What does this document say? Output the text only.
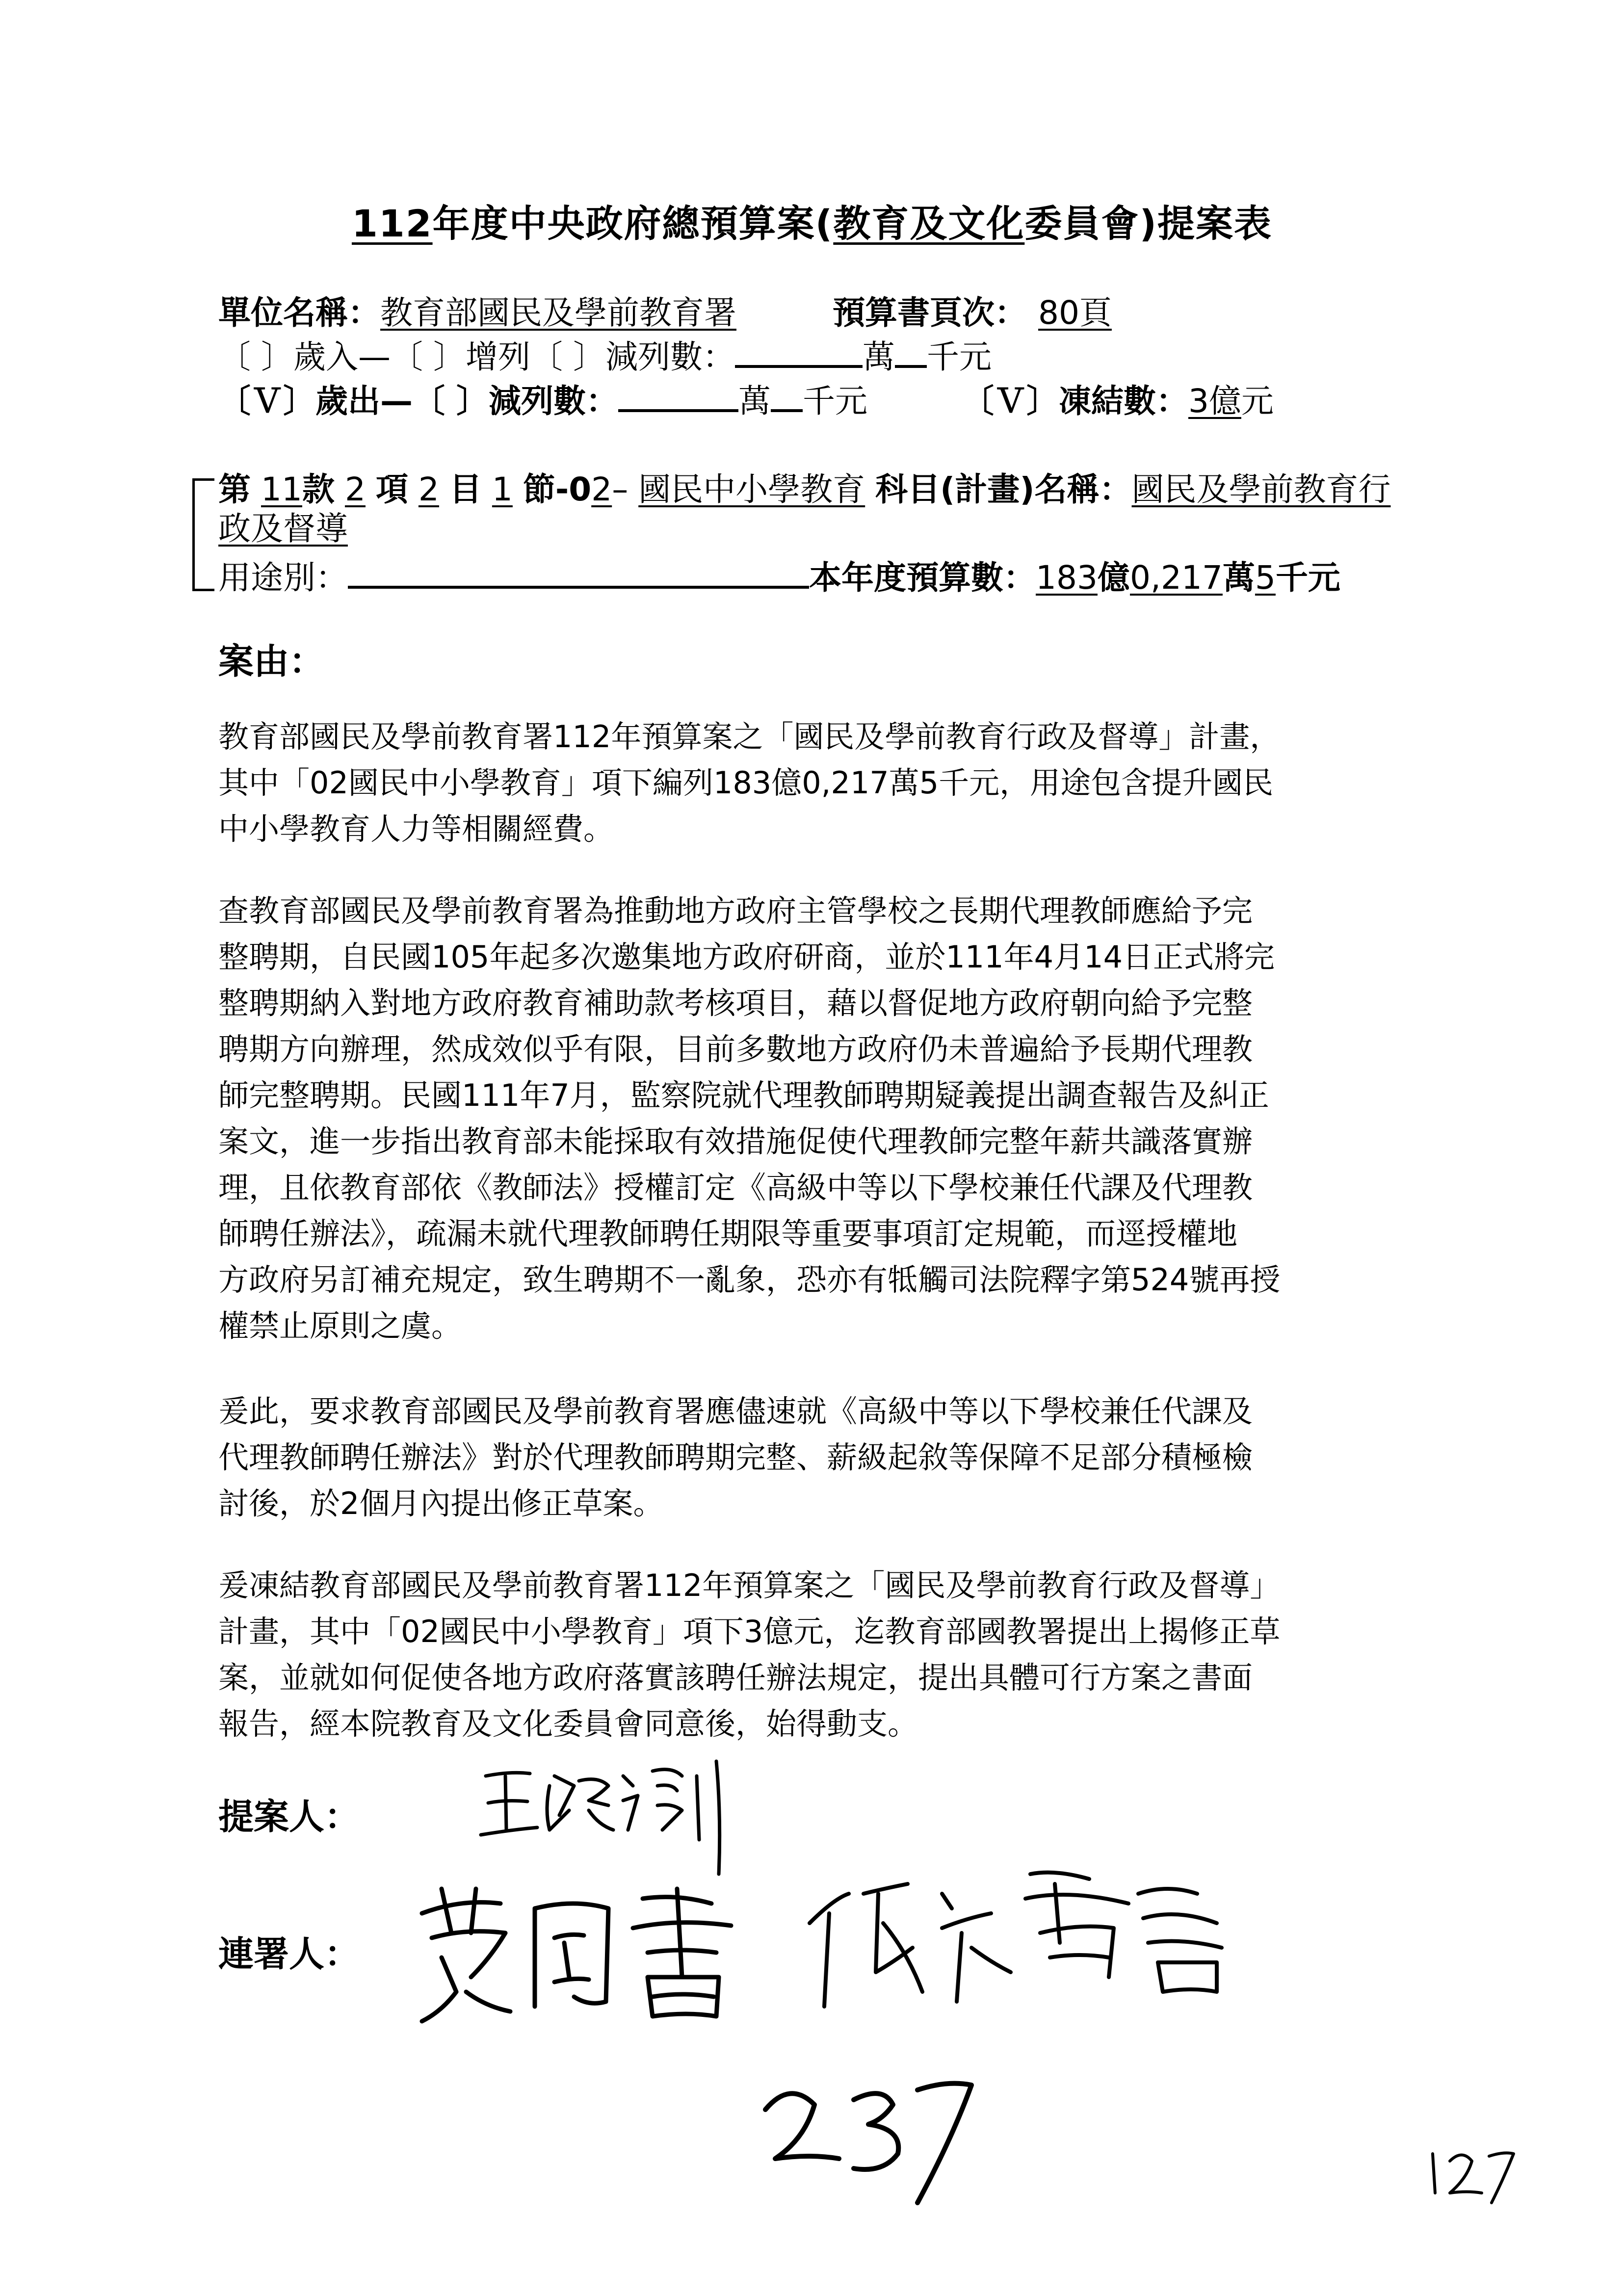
112年度中央政府總預算案(教育及文化委員會)提案表
單位名稱：教育部國民及學前教育署	預算書頁次： 80頁
〔 〕歲入—〔 〕增列〔 〕減列數：	萬 千元
〔Ｖ〕歲出—〔 〕減列數：	萬 千元	〔Ｖ〕凍結數：3億元
第 11款 2 項 2 目 1 節-02– 國民中小學教育 科目(計畫)名稱：國民及學前教育行
政及督導
用途別：	本年度預算數：183億0,217萬5千元
案由：
教育部國民及學前教育署112年預算案之「國民及學前教育行政及督導」計畫，
其中「02國民中小學教育」項下編列183億0,217萬5千元，用途包含提升國民
中小學教育人力等相關經費。
查教育部國民及學前教育署為推動地方政府主管學校之長期代理教師應給予完
整聘期，自民國105年起多次邀集地方政府研商，並於111年4月14日正式將完
整聘期納入對地方政府教育補助款考核項目，藉以督促地方政府朝向給予完整
聘期方向辦理，然成效似乎有限，目前多數地方政府仍未普遍給予長期代理教
師完整聘期。民國111年7月，監察院就代理教師聘期疑義提出調查報告及糾正
案文，進一步指出教育部未能採取有效措施促使代理教師完整年薪共識落實辦
理，且依教育部依《教師法》授權訂定《高級中等以下學校兼任代課及代理教
師聘任辦法》，疏漏未就代理教師聘任期限等重要事項訂定規範，而逕授權地
方政府另訂補充規定，致生聘期不一亂象，恐亦有牴觸司法院釋字第524號再授
權禁止原則之虞。
爰此，要求教育部國民及學前教育署應儘速就《高級中等以下學校兼任代課及
代理教師聘任辦法》對於代理教師聘期完整、薪級起敘等保障不足部分積極檢
討後，於2個月內提出修正草案。
爰凍結教育部國民及學前教育署112年預算案之「國民及學前教育行政及督導」
計畫，其中「02國民中小學教育」項下3億元，迄教育部國教署提出上揭修正草
案，並就如何促使各地方政府落實該聘任辦法規定，提出具體可行方案之書面
報告，經本院教育及文化委員會同意後，始得動支。
提案人：
連署人：
